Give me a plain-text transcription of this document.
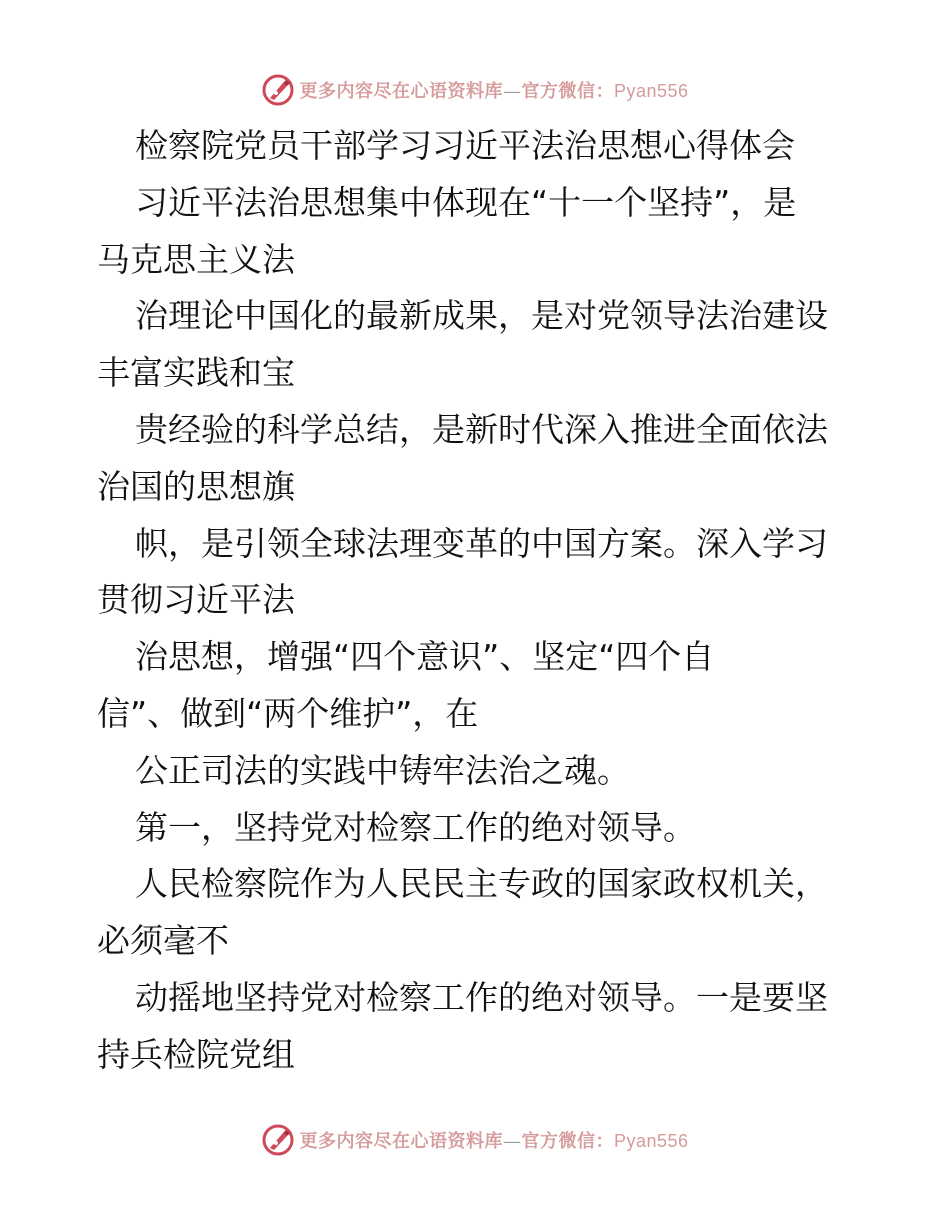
更多内容尽在心语资料库—官方微信：Pyan556
检察院党员干部学习习近平法治思想心得体会
习近平法治思想集中体现在“十一个坚持”，是
马克思主义法
治理论中国化的最新成果，是对党领导法治建设
丰富实践和宝
贵经验的科学总结，是新时代深入推进全面依法
治国的思想旗
帜，是引领全球法理变革的中国方案。深入学习
贯彻习近平法
治思想，增强“四个意识”、坚定“四个自
信”、做到“两个维护”，在
公正司法的实践中铸牢法治之魂。
第一，坚持党对检察工作的绝对领导。
人民检察院作为人民民主专政的国家政权机关，
必须毫不
动摇地坚持党对检察工作的绝对领导。一是要坚
持兵检院党组
更多内容尽在心语资料库—官方微信：Pyan556
